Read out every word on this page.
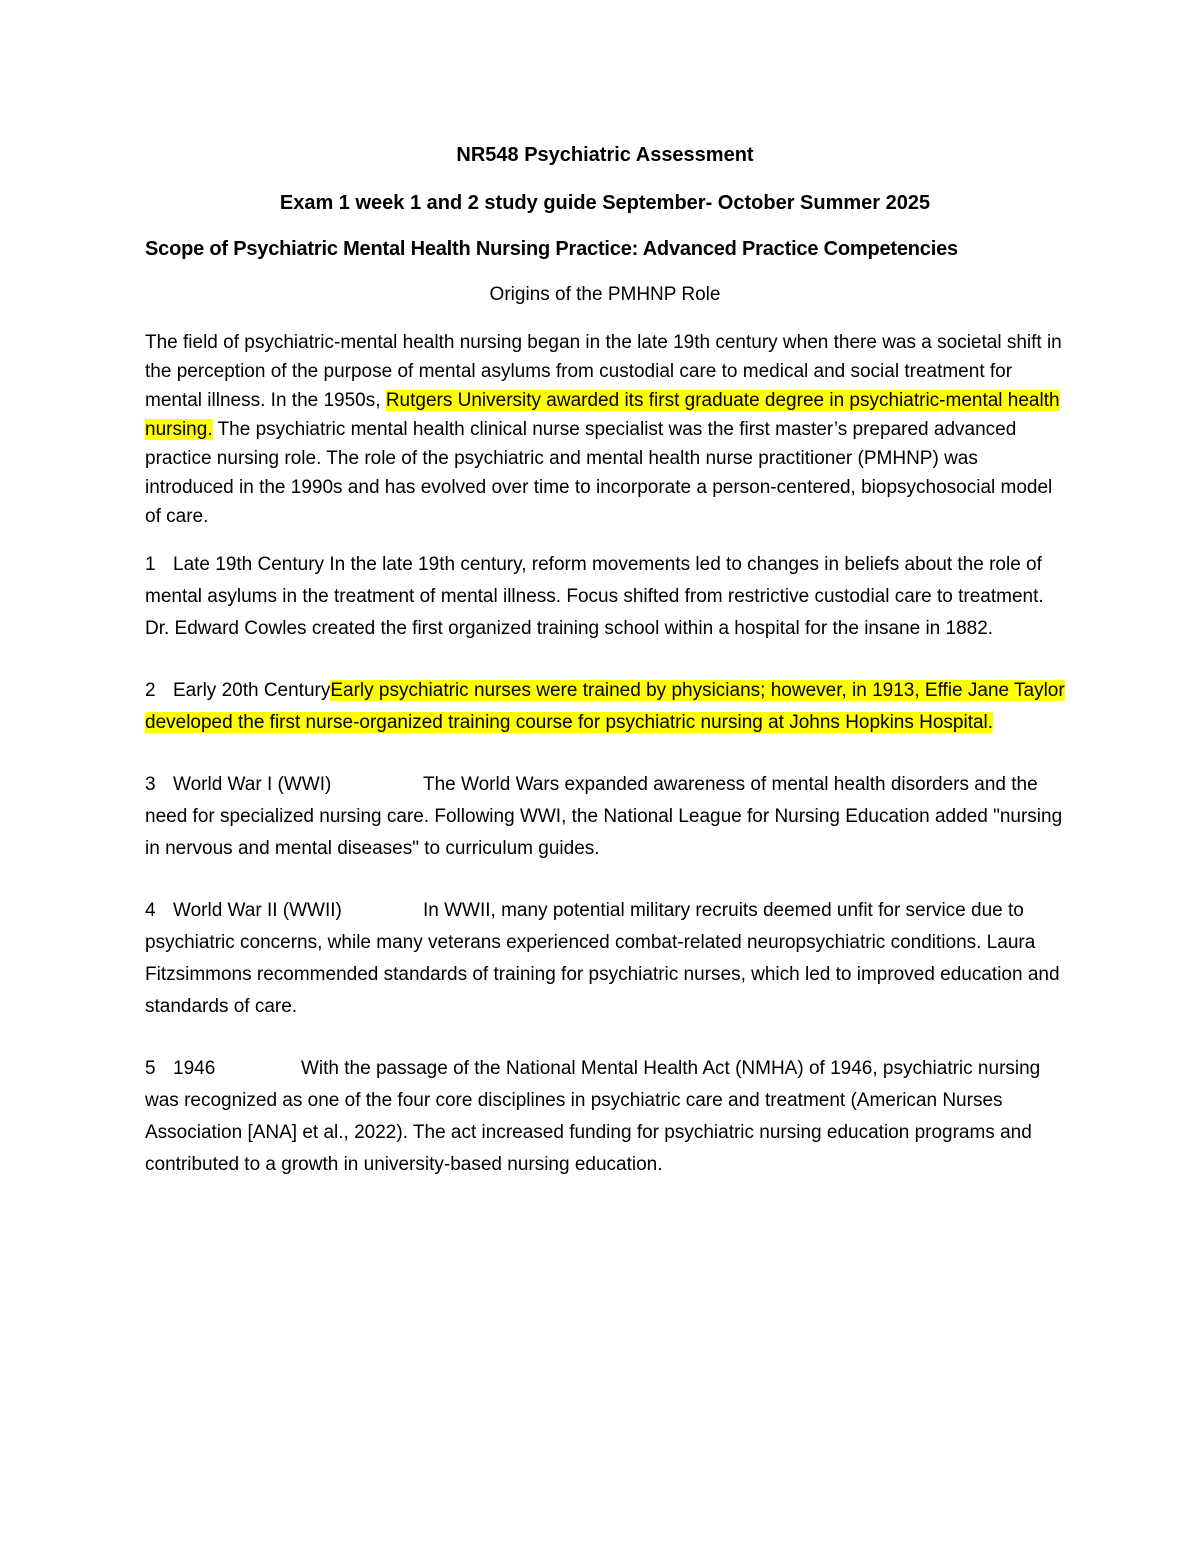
NR548 Psychiatric Assessment
Exam 1 week 1 and 2 study guide September- October Summer 2025
Scope of Psychiatric Mental Health Nursing Practice: Advanced Practice Competencies
Origins of the PMHNP Role

The field of psychiatric-mental health nursing began in the late 19th century when there was a societal shift in the perception of the purpose of mental asylums from custodial care to medical and social treatment for mental illness. In the 1950s, Rutgers University awarded its first graduate degree in psychiatric-mental health nursing. The psychiatric mental health clinical nurse specialist was the first master’s prepared advanced practice nursing role. The role of the psychiatric and mental health nurse practitioner (PMHNP) was introduced in the 1990s and has evolved over time to incorporate a person-centered, biopsychosocial model of care.

1 Late 19th Century In the late 19th century, reform movements led to changes in beliefs about the role of mental asylums in the treatment of mental illness. Focus shifted from restrictive custodial care to treatment. Dr. Edward Cowles created the first organized training school within a hospital for the insane in 1882.

2 Early 20th CenturyEarly psychiatric nurses were trained by physicians; however, in 1913, Effie Jane Taylor developed the first nurse-organized training course for psychiatric nursing at Johns Hopkins Hospital.

3 World War I (WWI)	The World Wars expanded awareness of mental health disorders and the need for specialized nursing care. Following WWI, the National League for Nursing Education added "nursing in nervous and mental diseases" to curriculum guides.

4 World War II (WWII)	In WWII, many potential military recruits deemed unfit for service due to psychiatric concerns, while many veterans experienced combat-related neuropsychiatric conditions. Laura Fitzsimmons recommended standards of training for psychiatric nurses, which led to improved education and standards of care.

5 1946	With the passage of the National Mental Health Act (NMHA) of 1946, psychiatric nursing was recognized as one of the four core disciplines in psychiatric care and treatment (American Nurses Association [ANA] et al., 2022). The act increased funding for psychiatric nursing education programs and contributed to a growth in university-based nursing education.
